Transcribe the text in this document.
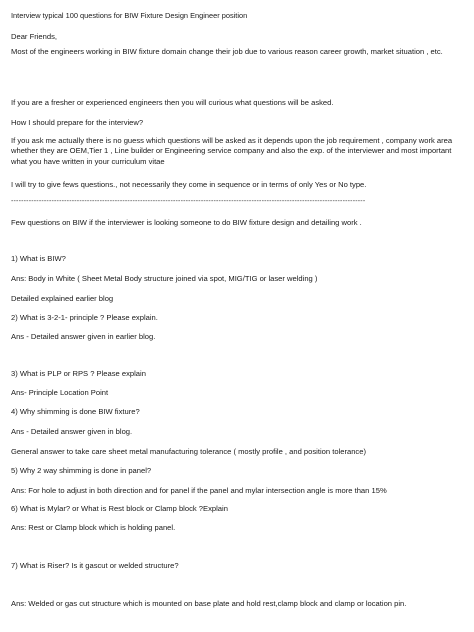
Interview typical 100 questions for BIW Fixture Design Engineer position
Dear Friends,
Most of the engineers working in BIW fixture domain change their job due to various reason career growth, market situation , etc.
If you are a fresher or experienced engineers then you will curious what questions will be asked.
How I should prepare for the interview?
If you ask me actually there is no guess which questions will be asked as it depends upon the job requirement , company work area whether they are OEM,Tier 1 , Line builder or Engineering service company and also the exp. of the interviewer and most important what you have written in your curriculum vitae
I will try to give fews questions., not necessarily they come in sequence or in terms of only Yes or No type.
--------------------------------------------------------------------------------------------------------------------------------------------
Few questions on BIW if the interviewer is looking someone to do BIW fixture design and detailing work .
1) What is BIW?
Ans: Body in White ( Sheet Metal Body structure joined via spot, MIG/TIG or laser welding )
Detailed explained earlier blog
2) What is 3-2-1- principle ? Please explain.
Ans - Detailed answer given in earlier blog.
3) What is PLP or RPS ? Please explain
Ans- Principle Location Point
4) Why shimming is done BIW fixture?
Ans - Detailed answer given in blog.
General answer to take care sheet metal manufacturing tolerance ( mostly profile , and position tolerance)
5) Why 2 way shimming is done in panel?
Ans: For hole to adjust in both direction and for panel if the panel and mylar intersection angle is more than 15%
6) What is Mylar? or What is Rest block or Clamp block ?Explain
Ans: Rest or Clamp block which is holding panel.
7) What is Riser? Is it gascut or welded structure?
Ans: Welded or gas cut structure which is mounted on base plate and hold rest,clamp block and clamp or location pin.
